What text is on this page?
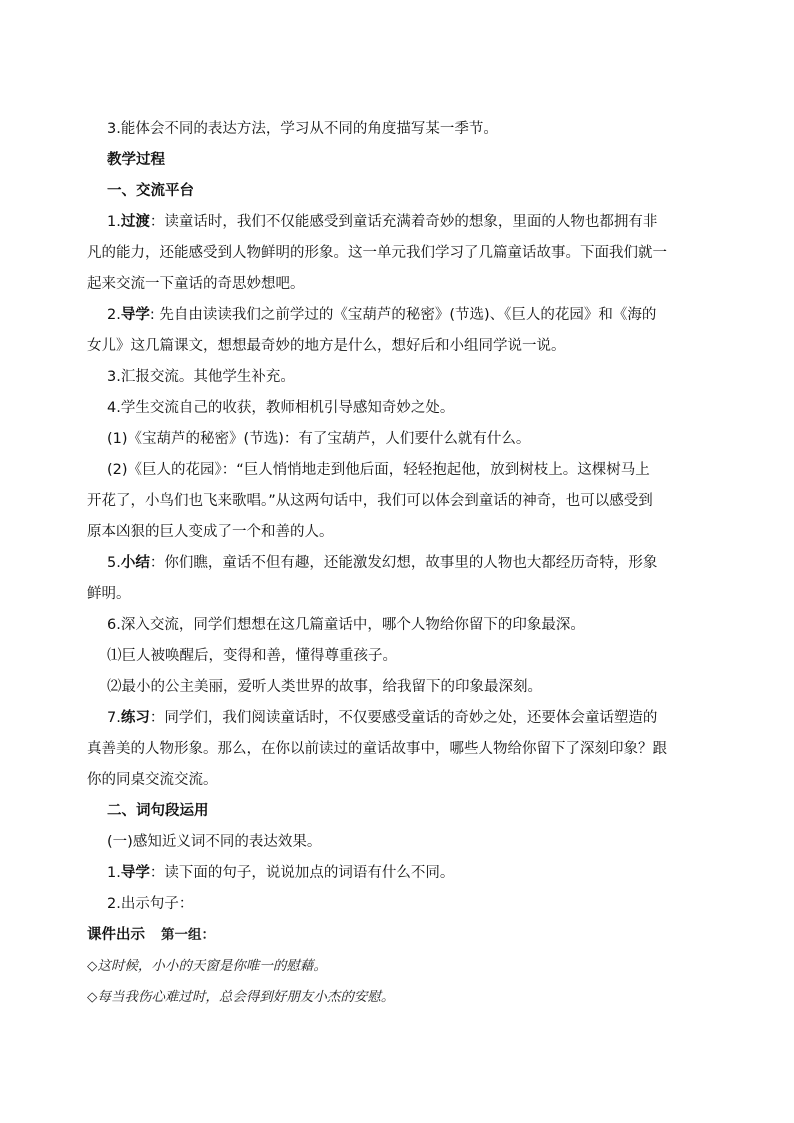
3.能体会不同的表达方法，学习从不同的角度描写某一季节。

教学过程

一、交流平台

1.过渡：读童话时，我们不仅能感受到童话充满着奇妙的想象，里面的人物也都拥有非
凡的能力，还能感受到人物鲜明的形象。这一单元我们学习了几篇童话故事。下面我们就一
起来交流一下童话的奇思妙想吧。

2.导学: 先自由读读我们之前学过的《宝葫芦的秘密》(节选)、《巨人的花园》和《海的
女儿》这几篇课文，想想最奇妙的地方是什么，想好后和小组同学说一说。

3.汇报交流。其他学生补充。

4.学生交流自己的收获，教师相机引导感知奇妙之处。

(1)《宝葫芦的秘密》(节选)：有了宝葫芦，人们要什么就有什么。

(2)《巨人的花园》：“巨人悄悄地走到他后面，轻轻抱起他，放到树枝上。这棵树马上
开花了，小鸟们也飞来歌唱。”从这两句话中，我们可以体会到童话的神奇，也可以感受到
原本凶狠的巨人变成了一个和善的人。

5.小结：你们瞧，童话不但有趣，还能激发幻想，故事里的人物也大都经历奇特，形象
鲜明。

6.深入交流，同学们想想在这几篇童话中，哪个人物给你留下的印象最深。

⑴巨人被唤醒后，变得和善，懂得尊重孩子。

⑵最小的公主美丽，爱听人类世界的故事，给我留下的印象最深刻。

7.练习：同学们，我们阅读童话时，不仅要感受童话的奇妙之处，还要体会童话塑造的
真善美的人物形象。那么，在你以前读过的童话故事中，哪些人物给你留下了深刻印象？跟
你的同桌交流交流。

二、词句段运用

(一)感知近义词不同的表达效果。

1.导学：读下面的句子，说说加点的词语有什么不同。

2.出示句子：

课件出示 第一组：

◇这时候，小小的天窗是你唯一的慰藉。

◇每当我伤心难过时，总会得到好朋友小杰的安慰。
